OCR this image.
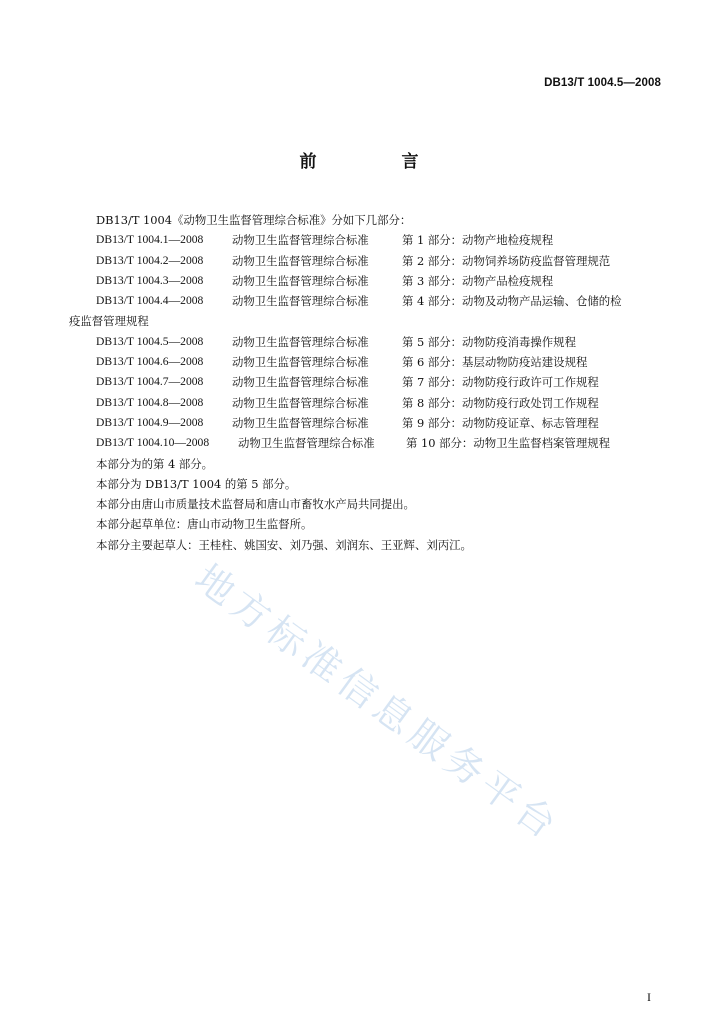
DB13/T 1004.5—2008
前　言
DB13/T 1004《动物卫生监督管理综合标准》分如下几部分：
DB13/T 1004.1—2008	动物卫生监督管理综合标准	第 1 部分：动物产地检疫规程
DB13/T 1004.2—2008	动物卫生监督管理综合标准	第 2 部分：动物饲养场防疫监督管理规范
DB13/T 1004.3—2008	动物卫生监督管理综合标准	第 3 部分：动物产品检疫规程
DB13/T 1004.4—2008	动物卫生监督管理综合标准	第 4 部分：动物及动物产品运输、仓储的检
疫监督管理规程
DB13/T 1004.5—2008	动物卫生监督管理综合标准	第 5 部分：动物防疫消毒操作规程
DB13/T 1004.6—2008	动物卫生监督管理综合标准	第 6 部分：基层动物防疫站建设规程
DB13/T 1004.7—2008	动物卫生监督管理综合标准	第 7 部分：动物防疫行政许可工作规程
DB13/T 1004.8—2008	动物卫生监督管理综合标准	第 8 部分：动物防疫行政处罚工作规程
DB13/T 1004.9—2008	动物卫生监督管理综合标准	第 9 部分：动物防疫证章、标志管理程
DB13/T 1004.10—2008	动物卫生监督管理综合标准	第 10 部分：动物卫生监督档案管理规程
本部分为的第 4 部分。
本部分为 DB13/T 1004 的第 5 部分。
本部分由唐山市质量技术监督局和唐山市畜牧水产局共同提出。
本部分起草单位：唐山市动物卫生监督所。
本部分主要起草人：王桂柱、姚国安、刘乃强、刘润东、王亚辉、刘丙江。
地方标准信息服务平台
I
